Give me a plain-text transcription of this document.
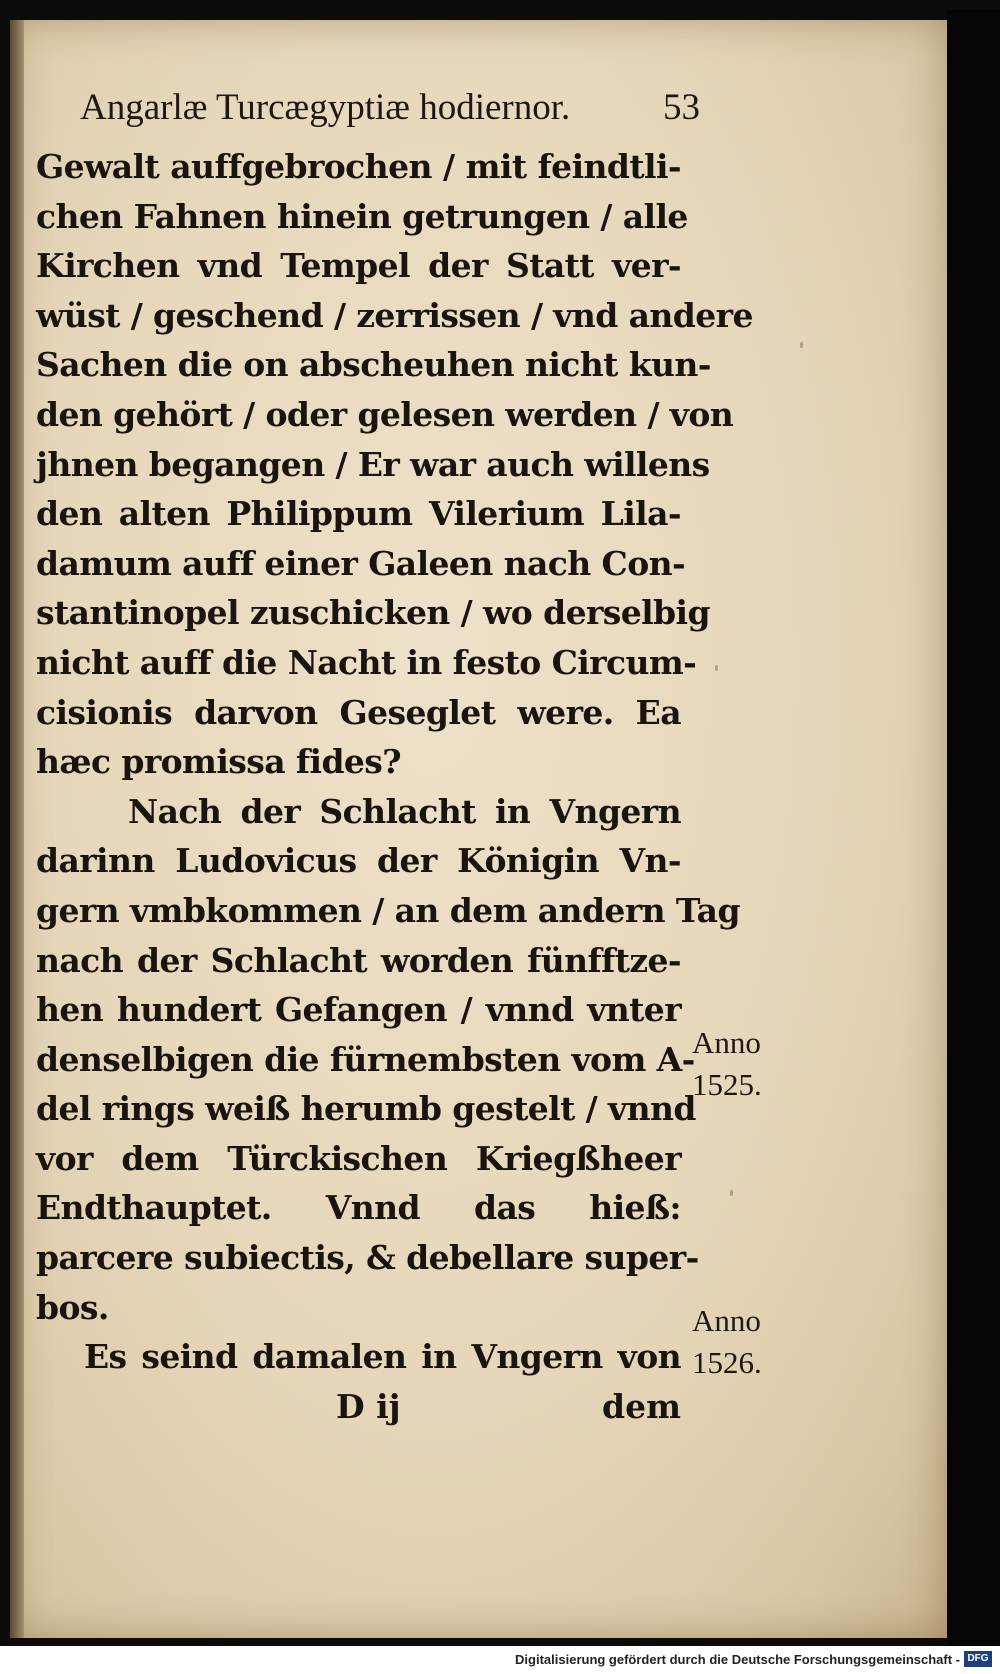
Angarlæ Turcægyptiæ hodiernor.	53
Gewalt auffgebrochen / mit feindtli-
chen Fahnen hinein getrungen / alle
Kirchen vnd Tempel der Statt ver-
wüst / geschend / zerrissen / vnd andere
Sachen die on abscheuhen nicht kun-
den gehört / oder gelesen werden / von
jhnen begangen / Er war auch willens
den alten Philippum Vilerium Lila-
damum auff einer Galeen nach Con-
stantinopel zuschicken / wo derselbig
nicht auff die Nacht in festo Circum-
cisionis darvon Geseglet were. Ea
hæc promissa fides?
Nach der Schlacht in Vngern
darinn Ludovicus der Königin Vn-
gern vmbkommen / an dem andern Tag
nach der Schlacht worden fünfftze-
hen hundert Gefangen / vnnd vnter
denselbigen die fürnembsten vom A-
del rings weiß herumb gestelt / vnnd
vor dem Türckischen Kriegßheer
Endthauptet. Vnnd das hieß:
parcere subiectis, & debellare super-
bos.
Es seind damalen in Vngern von
D ij	dem
Anno
1525.
Anno
1526.
Digitalisierung gefördert durch die Deutsche Forschungsgemeinschaft - DFG
